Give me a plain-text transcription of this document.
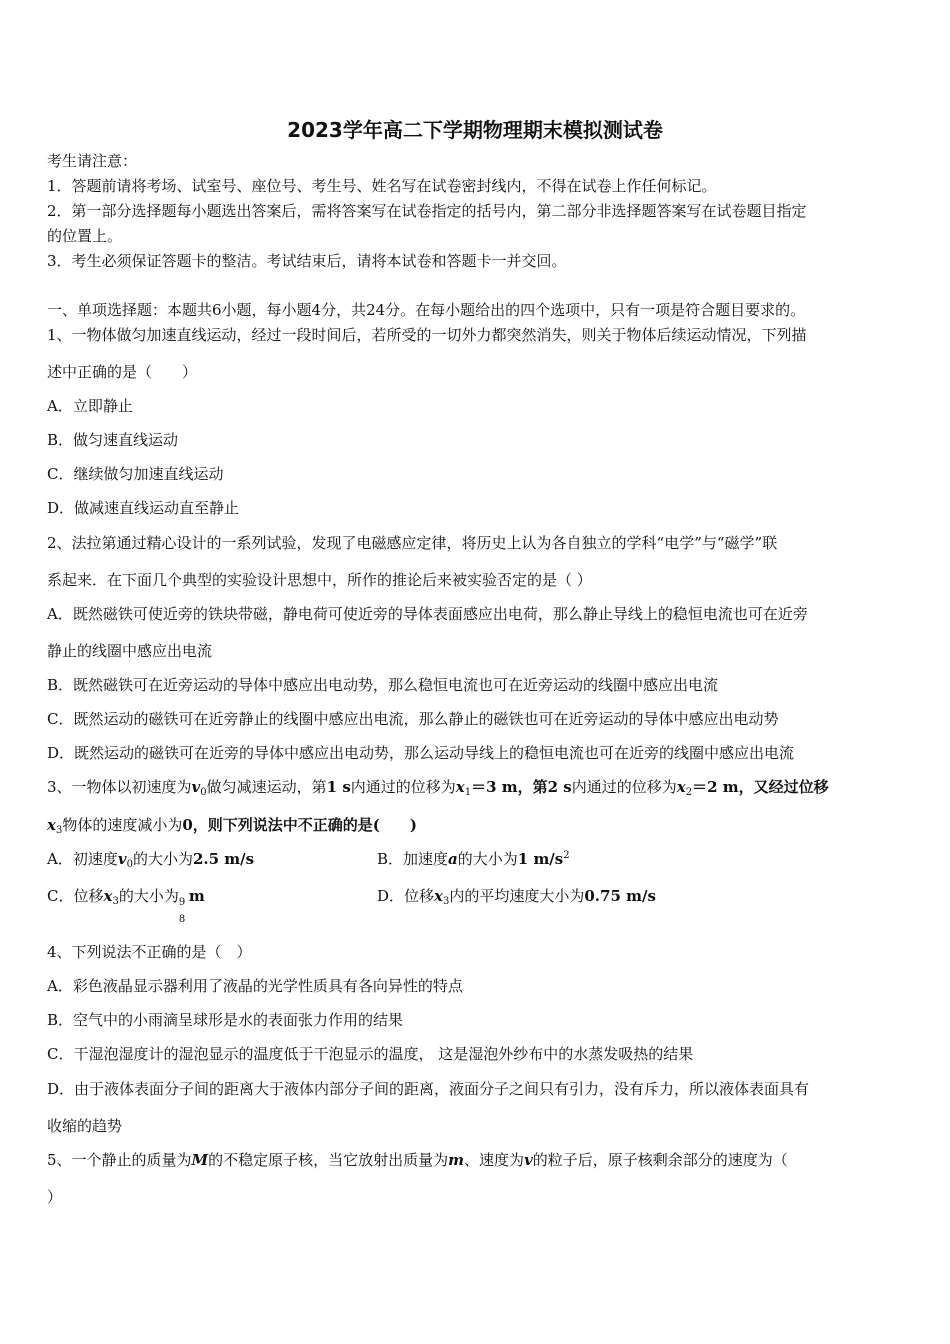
2023学年高二下学期物理期末模拟测试卷
考生请注意：
1．答题前请将考场、试室号、座位号、考生号、姓名写在试卷密封线内，不得在试卷上作任何标记。
2．第一部分选择题每小题选出答案后，需将答案写在试卷指定的括号内，第二部分非选择题答案写在试卷题目指定
的位置上。
3．考生必须保证答题卡的整洁。考试结束后，请将本试卷和答题卡一并交回。
一、单项选择题：本题共6小题，每小题4分，共24分。在每小题给出的四个选项中，只有一项是符合题目要求的。
1、一物体做匀加速直线运动，经过一段时间后，若所受的一切外力都突然消失，则关于物体后续运动情况，下列描
述中正确的是（　　）
A．立即静止
B．做匀速直线运动
C．继续做匀加速直线运动
D．做减速直线运动直至静止
2、法拉第通过精心设计的一系列试验，发现了电磁感应定律，将历史上认为各自独立的学科“电学”与“磁学”联
系起来．在下面几个典型的实验设计思想中，所作的推论后来被实验否定的是（ ）
A．既然磁铁可使近旁的铁块带磁，静电荷可使近旁的导体表面感应出电荷，那么静止导线上的稳恒电流也可在近旁
静止的线圈中感应出电流
B．既然磁铁可在近旁运动的导体中感应出电动势，那么稳恒电流也可在近旁运动的线圈中感应出电流
C．既然运动的磁铁可在近旁静止的线圈中感应出电流，那么静止的磁铁也可在近旁运动的导体中感应出电动势
D．既然运动的磁铁可在近旁的导体中感应出电动势，那么运动导线上的稳恒电流也可在近旁的线圈中感应出电流
3、一物体以初速度为$v_0$做匀减速运动，第1 s内通过的位移为$x_1=3$ m，第2 s内通过的位移为$x_2=2$ m，又经过位移
$x_3$物体的速度减小为0，则下列说法中不正确的是(　　)
A．初速度$v_0$的大小为2.5 m/s	B．加速度a的大小为1 $m/s^2$
C．位移$x_3$的大小为 9
8
m	D．位移$x_3$内的平均速度大小为0.75 m/s
4、下列说法不正确的是（　）
A．彩色液晶显示器利用了液晶的光学性质具有各向异性的特点
B．空气中的小雨滴呈球形是水的表面张力作用的结果
C．干湿泡湿度计的湿泡显示的温度低于干泡显示的温度， 这是湿泡外纱布中的水蒸发吸热的结果
D．由于液体表面分子间的距离大于液体内部分子间的距离，液面分子之间只有引力，没有斥力，所以液体表面具有
收缩的趋势
5、一个静止的质量为M的不稳定原子核，当它放射出质量为m、速度为v的粒子后，原子核剩余部分的速度为（
）
